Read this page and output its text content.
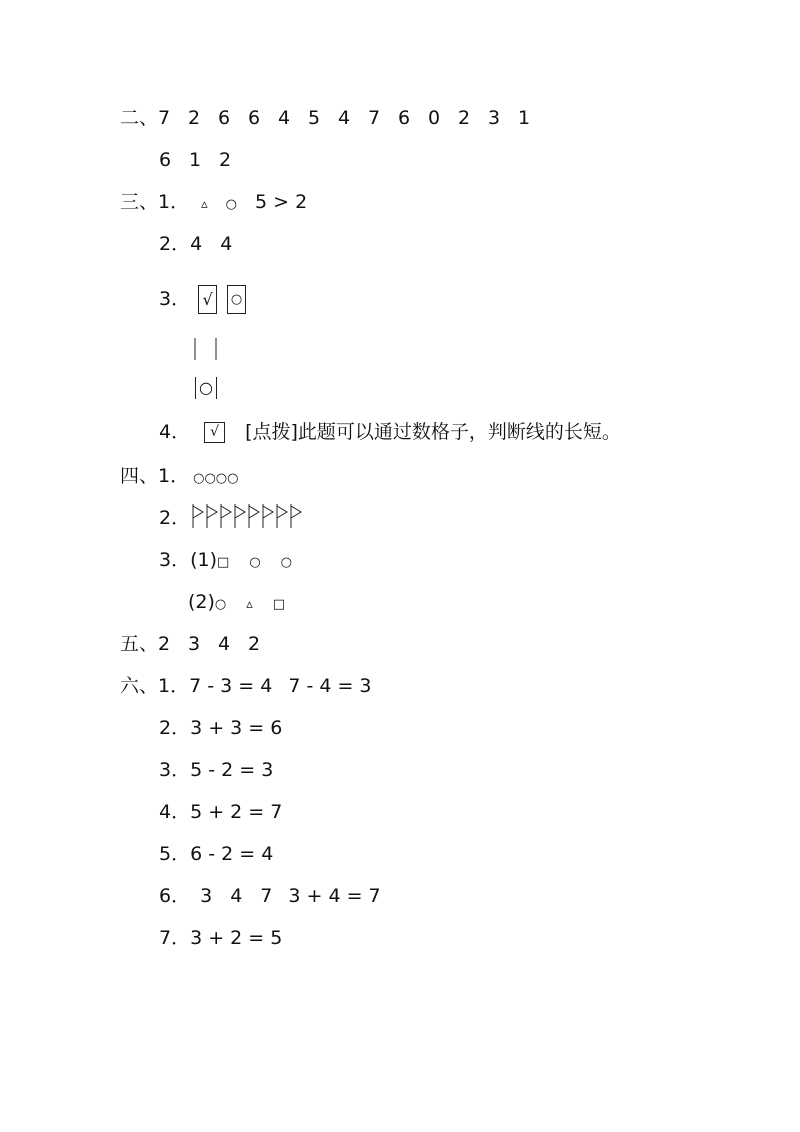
二、7 2 6 6 4 5 4 7 6 0 2 3 1
6 1 2
三、1． ▵ ○ 5 > 2
2．4 4
3． √ ○
○
4． √ [点拨]此题可以通过数格子，判断线的长短。
四、1． ○○○○
2．
3．(1)□ ○ ○
(2)○ ▵ □
五、2 3 4 2
六、1．7 - 3 = 4 7 - 4 = 3
2．3 + 3 = 6
3．5 - 2 = 3
4．5 + 2 = 7
5．6 - 2 = 4
6． 3 4 7 3 + 4 = 7
7．3 + 2 = 5
